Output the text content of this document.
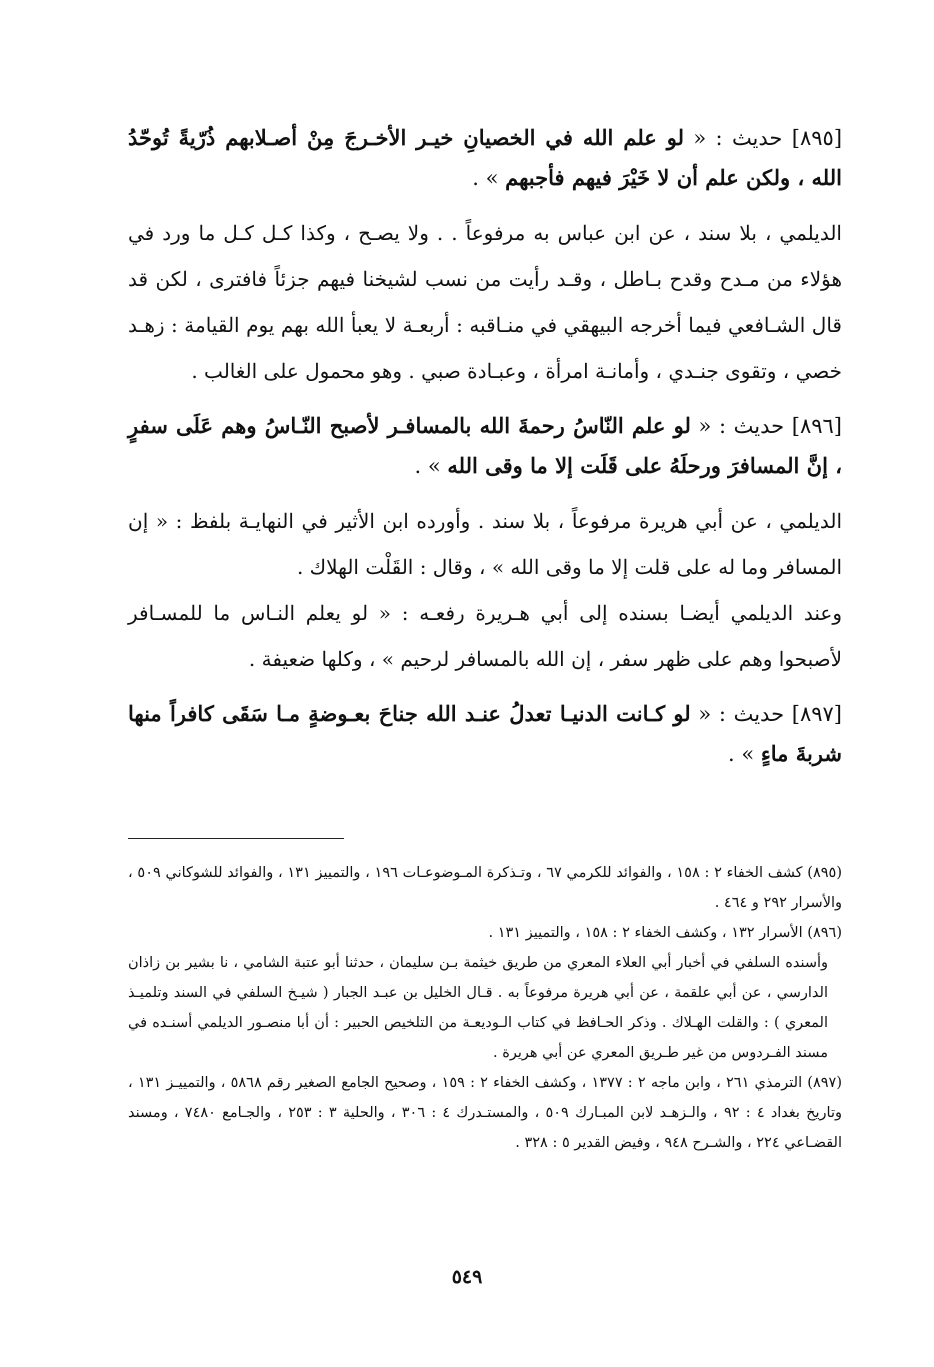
[٨٩٥] حديث : « لو علم الله في الخصيانِ خيـر الأخـرجَ مِنْ أصـلابهم ذُرّيةً تُوحّدُ الله ، ولكن علم أن لا خَيْرَ فيهم فأجبهم » .

الديلمي ، بلا سند ، عن ابن عباس به مرفوعاً . . ولا يصـح ، وكذا كـل كـل ما ورد في هؤلاء من مـدح وقدح بـاطل ، وقـد رأيت من نسب لشيخنا فيهم جزئاً فافترى ، لكن قد قال الشـافعي فيما أخرجه البيهقي في منـاقبه : أربعـة لا يعبأ الله بهم يوم القيامة : زهـد خصي ، وتقوى جنـدي ، وأمانـة امرأة ، وعبـادة صبي . وهو محمول على الغالب .

[٨٩٦] حديث : « لو علم النّاسُ رحمةَ الله بالمسافـر لأصبح النّـاسُ وهم عَلَى سفرٍ ، إنَّ المسافرَ ورحلَهُ على قَلَت إلا ما وقى الله » .

الديلمي ، عن أبي هريرة مرفوعاً ، بلا سند . وأورده ابن الأثير في النهايـة بلفظ : « إن المسافر وما له على قلت إلا ما وقى الله » ، وقال : القَلْت الهلاك .

وعند الديلمي أيضـا بسنده إلى أبي هـريرة رفعـه : « لو يعلم النـاس ما للمسـافر لأصبحوا وهم على ظهر سفر ، إن الله بالمسافر لرحيم » ، وكلها ضعيفة .

[٨٩٧] حديث : « لو كـانت الدنيـا تعدلُ عنـد الله جناحَ بعـوضةٍ مـا سَقَى كافراً منها شربةَ ماءٍ » .

(٨٩٥) كشف الخفاء ٢ : ١٥٨ ، والفوائد للكرمي ٦٧ ، وتـذكرة المـوضوعـات ١٩٦ ، والتمييز ١٣١ ، والفوائد للشوكاني ٥٠٩ ، والأسرار ٢٩٢ و ٤٦٤ .

(٨٩٦) الأسرار ١٣٢ ، وكشف الخفاء ٢ : ١٥٨ ، والتمييز ١٣١ .

وأسنده السلفي في أخبار أبي العلاء المعري من طريق خيثمة بـن سليمان ، حدثنا أبو عتبة الشامي ، نا بشير بن زاذان الدارسي ، عن أبي علقمة ، عن أبي هريرة مرفوعاً به . قـال الخليل بن عبـد الجبار ( شيـخ السلفي في السند وتلميـذ المعري ) : والقلت الهـلاك . وذكر الحـافظ في كتاب الـوديعـة من التلخيص الحبير : أن أبا منصـور الديلمي أسنـده في مسند الفـردوس من غير طـريق المعري عن أبي هريرة .

(٨٩٧) الترمذي ٢٦١ ، وابن ماجه ٢ : ١٣٧٧ ، وكشف الخفاء ٢ : ١٥٩ ، وصحيح الجامع الصغير رقم ٥٨٦٨ ، والتمييـز ١٣١ ، وتاريخ بغداد ٤ : ٩٢ ، والـزهـد لابن المبـارك ٥٠٩ ، والمستـدرك ٤ : ٣٠٦ ، والحلية ٣ : ٢٥٣ ، والجـامع ٧٤٨٠ ، ومسند القضـاعي ٢٢٤ ، والشـرح ٩٤٨ ، وفيض القدير ٥ : ٣٢٨ .

٥٤٩
